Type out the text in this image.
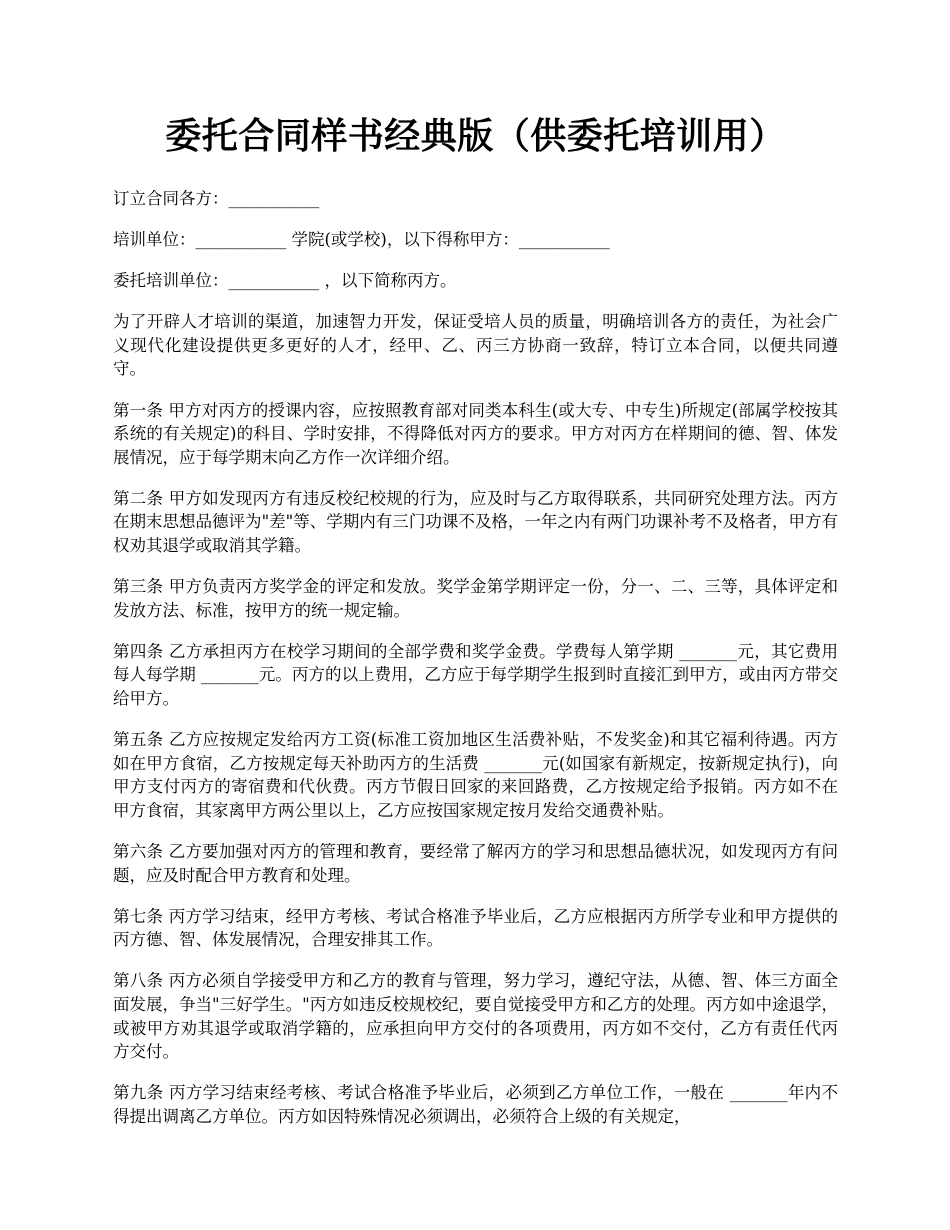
委托合同样书经典版（供委托培训用）

订立合同各方：___________

培训单位：___________ 学院(或学校)，以下得称甲方：___________

委托培训单位：___________ ，以下简称丙方。

为了开辟人才培训的渠道，加速智力开发，保证受培人员的质量，明确培训各方的责任，为社会广义现代化建设提供更多更好的人才，经甲、乙、丙三方协商一致辞，特订立本合同，以便共同遵守。

第一条 甲方对丙方的授课内容，应按照教育部对同类本科生(或大专、中专生)所规定(部属学校按其系统的有关规定)的科目、学时安排，不得降低对丙方的要求。甲方对丙方在样期间的德、智、体发展情况，应于每学期末向乙方作一次详细介绍。

第二条 甲方如发现丙方有违反校纪校规的行为，应及时与乙方取得联系，共同研究处理方法。丙方在期末思想品德评为"差"等、学期内有三门功课不及格，一年之内有两门功课补考不及格者，甲方有权劝其退学或取消其学籍。

第三条 甲方负责丙方奖学金的评定和发放。奖学金第学期评定一份，分一、二、三等，具体评定和发放方法、标准，按甲方的统一规定输。

第四条 乙方承担丙方在校学习期间的全部学费和奖学金费。学费每人第学期 _______元，其它费用每人每学期 _______元。丙方的以上费用，乙方应于每学期学生报到时直接汇到甲方，或由丙方带交给甲方。

第五条 乙方应按规定发给丙方工资(标准工资加地区生活费补贴，不发奖金)和其它福利待遇。丙方如在甲方食宿，乙方按规定每天补助丙方的生活费 _______元(如国家有新规定，按新规定执行)，向甲方支付丙方的寄宿费和代伙费。丙方节假日回家的来回路费，乙方按规定给予报销。丙方如不在甲方食宿，其家离甲方两公里以上，乙方应按国家规定按月发给交通费补贴。

第六条 乙方要加强对丙方的管理和教育，要经常了解丙方的学习和思想品德状况，如发现丙方有问题，应及时配合甲方教育和处理。

第七条 丙方学习结束，经甲方考核、考试合格准予毕业后，乙方应根据丙方所学专业和甲方提供的丙方德、智、体发展情况，合理安排其工作。

第八条 丙方必须自学接受甲方和乙方的教育与管理，努力学习，遵纪守法，从德、智、体三方面全面发展，争当"三好学生。"丙方如违反校规校纪，要自觉接受甲方和乙方的处理。丙方如中途退学，或被甲方劝其退学或取消学籍的，应承担向甲方交付的各项费用，丙方如不交付，乙方有责任代丙方交付。

第九条 丙方学习结束经考核、考试合格准予毕业后，必须到乙方单位工作，一般在 _______年内不得提出调离乙方单位。丙方如因特殊情况必须调出，必须符合上级的有关规定，
